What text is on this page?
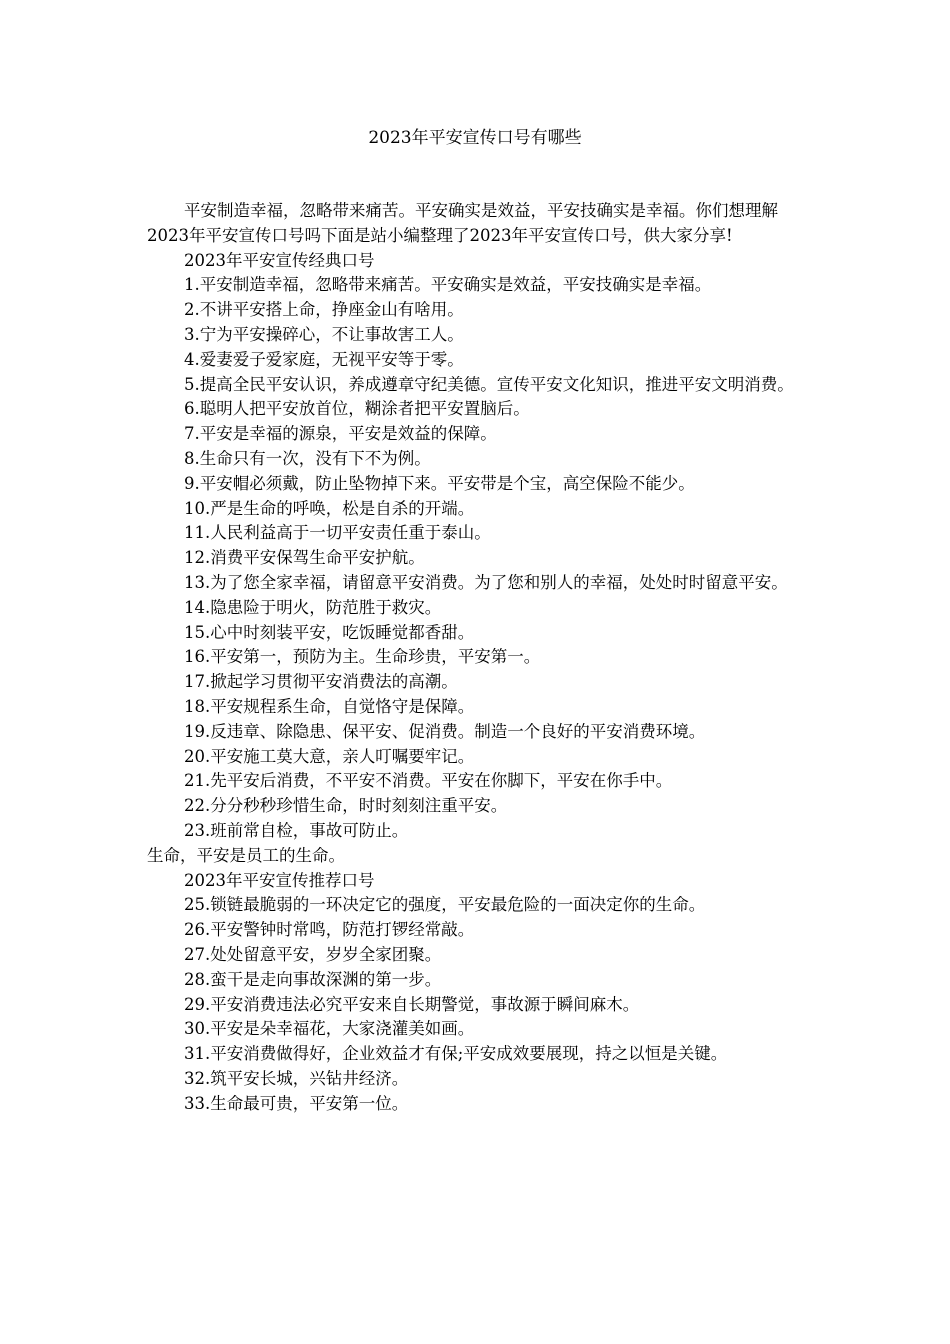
2023年平安宣传口号有哪些

平安制造幸福，忽略带来痛苦。平安确实是效益，平安技确实是幸福。你们想理解2023年平安宣传口号吗下面是站小编整理了2023年平安宣传口号，供大家分享!

2023年平安宣传经典口号

1.平安制造幸福，忽略带来痛苦。平安确实是效益，平安技确实是幸福。

2.不讲平安搭上命，挣座金山有啥用。

3.宁为平安操碎心，不让事故害工人。

4.爱妻爱子爱家庭，无视平安等于零。

5.提高全民平安认识，养成遵章守纪美德。宣传平安文化知识，推进平安文明消费。

6.聪明人把平安放首位，糊涂者把平安置脑后。

7.平安是幸福的源泉，平安是效益的保障。

8.生命只有一次，没有下不为例。

9.平安帽必须戴，防止坠物掉下来。平安带是个宝，高空保险不能少。

10.严是生命的呼唤，松是自杀的开端。

11.人民利益高于一切平安责任重于泰山。

12.消费平安保驾生命平安护航。

13.为了您全家幸福，请留意平安消费。为了您和别人的幸福，处处时时留意平安。

14.隐患险于明火，防范胜于救灾。

15.心中时刻装平安，吃饭睡觉都香甜。

16.平安第一，预防为主。生命珍贵，平安第一。

17.掀起学习贯彻平安消费法的高潮。

18.平安规程系生命，自觉恪守是保障。

19.反违章、除隐患、保平安、促消费。制造一个良好的平安消费环境。

20.平安施工莫大意，亲人叮嘱要牢记。

21.先平安后消费，不平安不消费。平安在你脚下，平安在你手中。

22.分分秒秒珍惜生命，时时刻刻注重平安。

23.班前常自检，事故可防止。

生命，平安是员工的生命。

2023年平安宣传推荐口号

25.锁链最脆弱的一环决定它的强度，平安最危险的一面决定你的生命。

26.平安警钟时常鸣，防范打锣经常敲。

27.处处留意平安，岁岁全家团聚。

28.蛮干是走向事故深渊的第一步。

29.平安消费违法必究平安来自长期警觉，事故源于瞬间麻木。

30.平安是朵幸福花，大家浇灌美如画。

31.平安消费做得好，企业效益才有保;平安成效要展现，持之以恒是关键。

32.筑平安长城，兴钻井经济。

33.生命最可贵，平安第一位。
